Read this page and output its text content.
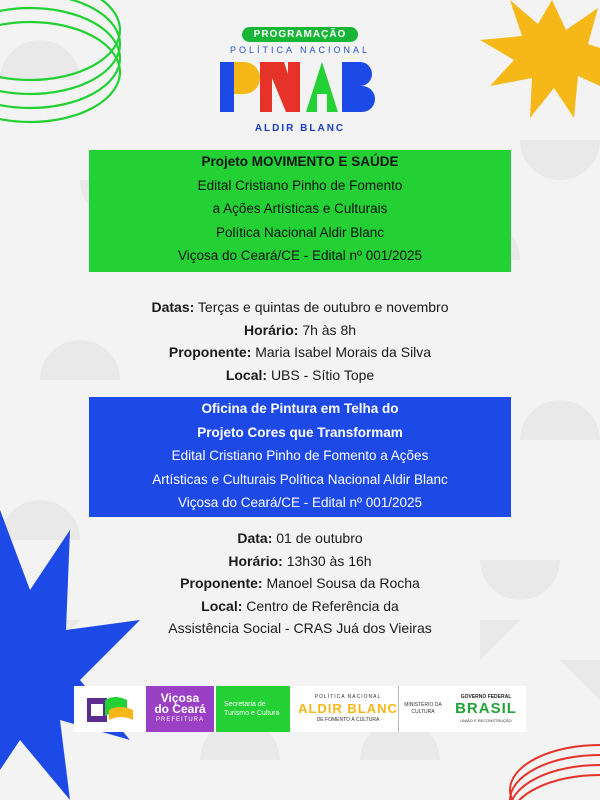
PROGRAMAÇÃO
POLÍTICA NACIONAL
ALDIR BLANC
Projeto MOVIMENTO E SAÚDE
Edital Cristiano Pinho de Fomento
a Ações Artísticas e Culturais
Política Nacional Aldir Blanc
Viçosa do Ceará/CE - Edital nº 001/2025
Datas: Terças e quintas de outubro e novembro
Horário: 7h às 8h
Proponente: Maria Isabel Morais da Silva
Local: UBS - Sítio Tope
Oficina de Pintura em Telha do
Projeto Cores que Transformam
Edital Cristiano Pinho de Fomento a Ações
Artísticas e Culturais Política Nacional Aldir Blanc
Viçosa do Ceará/CE - Edital nº 001/2025
Data: 01 de outubro
Horário: 13h30 às 16h
Proponente: Manoel Sousa da Rocha
Local: Centro de Referência da
Assistência Social - CRAS Juá dos Vieiras
Viçosa
do Ceará
PREFEITURA
Secretaria de
Turismo e Cultura
POLÍTICA NACIONAL
ALDIR BLANC
DE FOMENTO À CULTURA
MINISTÉRIO DA
CULTURA
GOVERNO FEDERAL
BRASIL
UNIÃO E RECONSTRUÇÃO
